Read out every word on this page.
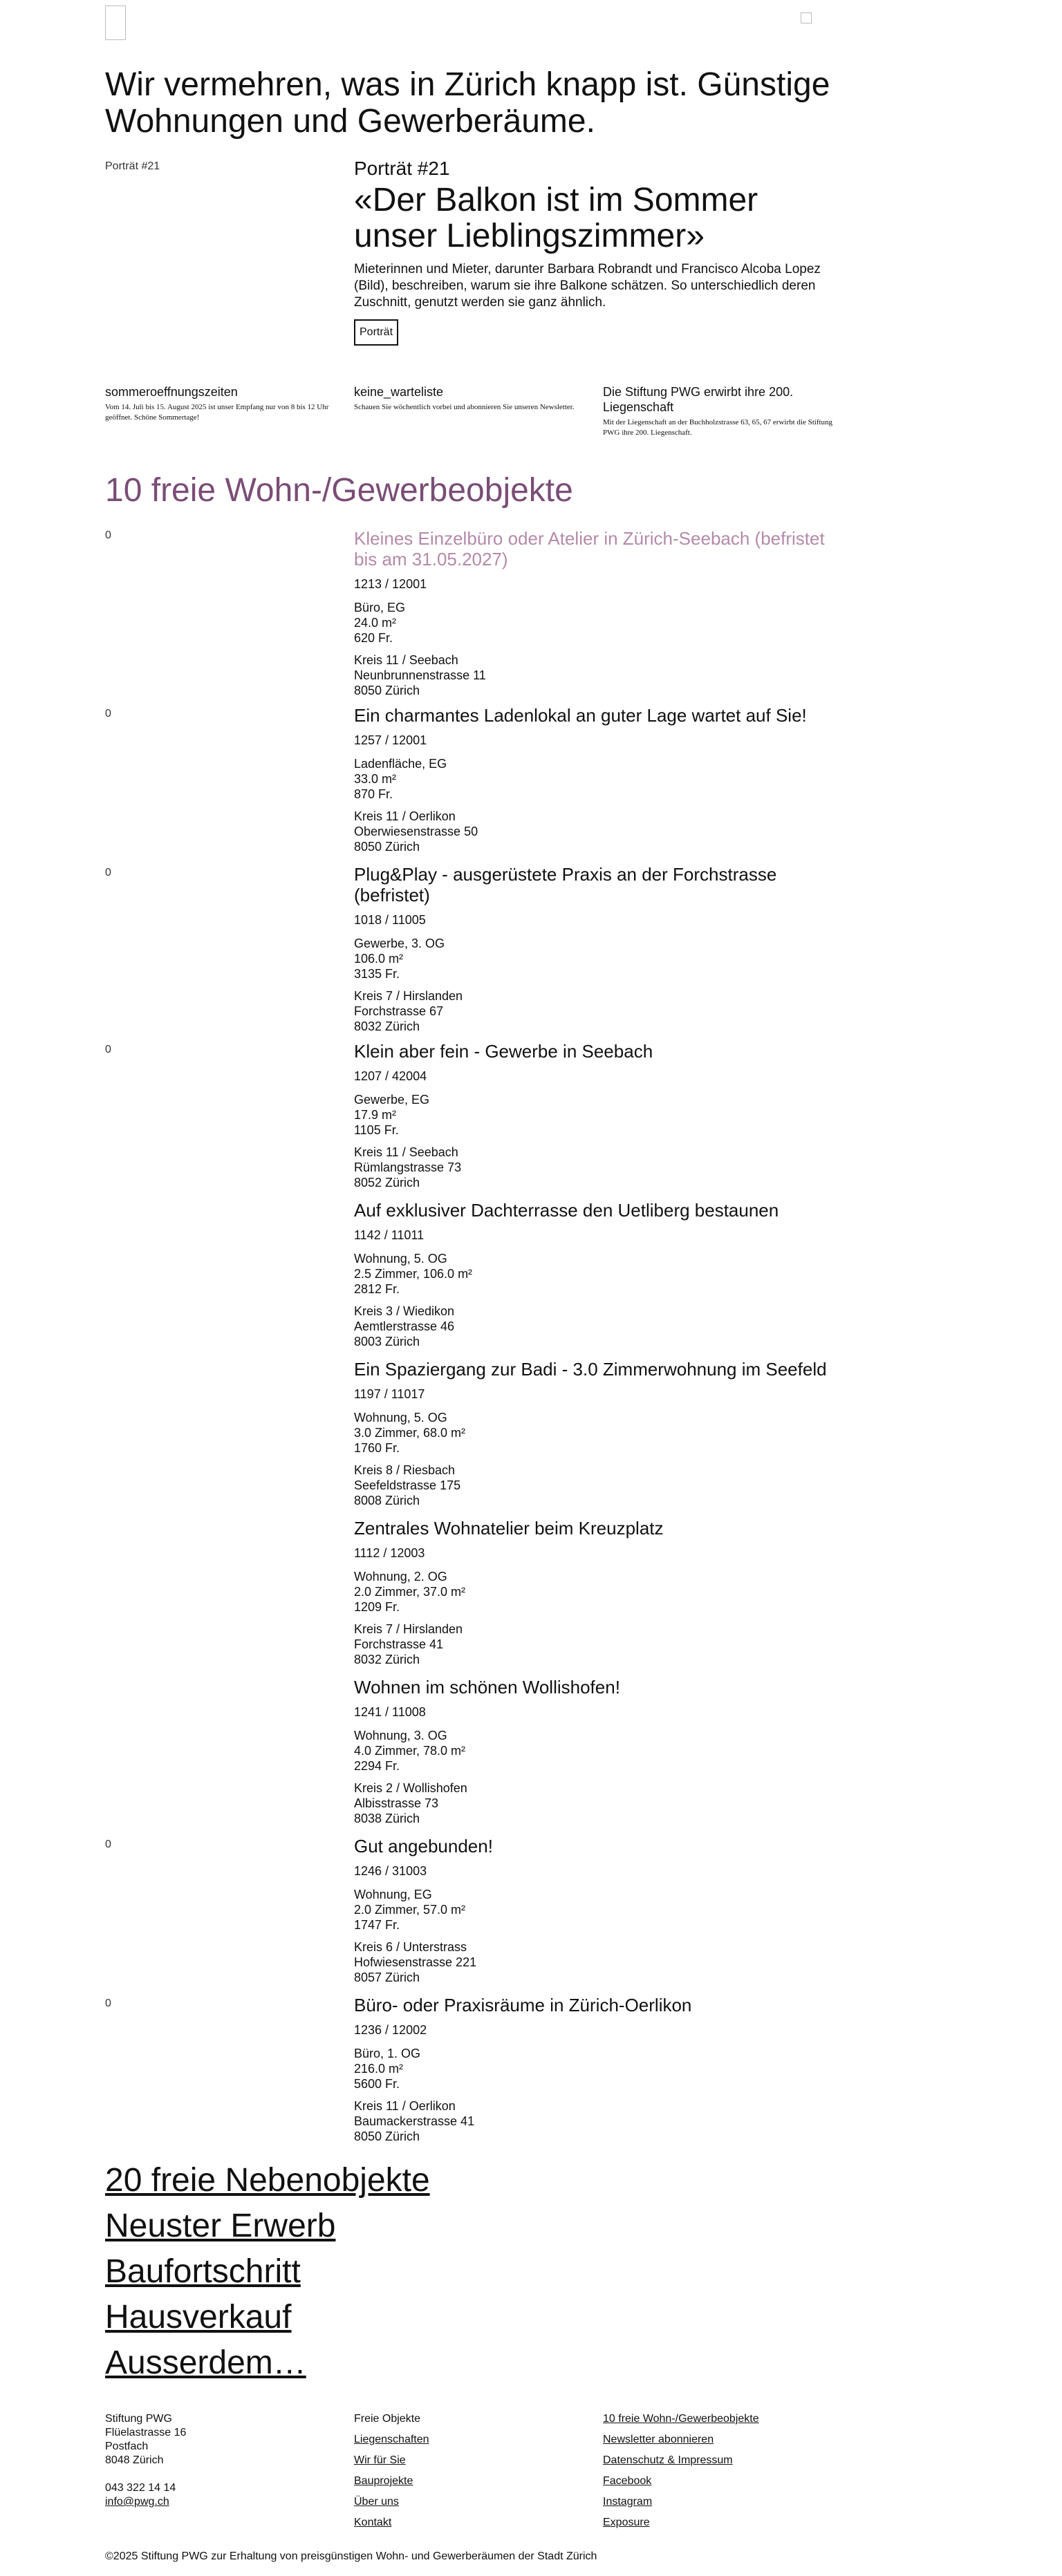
Wir vermehren, was in Zürich knapp ist. Günstige Wohnungen und Gewerberäume.
Porträt #21	Porträt #21

«Der Balkon ist im Sommer unser Lieblingszimmer»

Mieterinnen und Mieter, darunter Barbara Robrandt und Francisco Alcoba Lopez (Bild), beschreiben, warum sie ihre Balkone schätzen. So unterschiedlich deren Zuschnitt, genutzt werden sie ganz ähnlich.

Porträt
sommeroeffnungszeiten
Vom 14. Juli bis 15. August 2025 ist unser Empfang nur von 8 bis 12 Uhr geöffnet. Schöne Sommertage!
keine_warteliste
Schauen Sie wöchentlich vorbei und abonnieren Sie unseren Newsletter.
Die Stiftung PWG erwirbt ihre 200. Liegenschaft
Mit der Liegenschaft an der Buchholzstrasse 63, 65, 67 erwirbt die Stiftung PWG ihre 200. Liegenschaft.
10 freie Wohn-/Gewerbeobjekte
0	Kleines Einzelbüro oder Atelier in Zürich-Seebach (befristet bis am 31.05.2027)
1213 / 12001
Büro, EG
24.0 m²
620 Fr.
Kreis 11 / Seebach
Neunbrunnenstrasse 11
8050 Zürich
0	Ein charmantes Ladenlokal an guter Lage wartet auf Sie!
1257 / 12001
Ladenfläche, EG
33.0 m²
870 Fr.
Kreis 11 / Oerlikon
Oberwiesenstrasse 50
8050 Zürich
0	Plug&Play - ausgerüstete Praxis an der Forchstrasse (befristet)
1018 / 11005
Gewerbe, 3. OG
106.0 m²
3135 Fr.
Kreis 7 / Hirslanden
Forchstrasse 67
8032 Zürich
0	Klein aber fein - Gewerbe in Seebach
1207 / 42004
Gewerbe, EG
17.9 m²
1105 Fr.
Kreis 11 / Seebach
Rümlangstrasse 73
8052 Zürich
Auf exklusiver Dachterrasse den Uetliberg bestaunen
1142 / 11011
Wohnung, 5. OG
2.5 Zimmer, 106.0 m²
2812 Fr.
Kreis 3 / Wiedikon
Aemtlerstrasse 46
8003 Zürich
Ein Spaziergang zur Badi - 3.0 Zimmerwohnung im Seefeld
1197 / 11017
Wohnung, 5. OG
3.0 Zimmer, 68.0 m²
1760 Fr.
Kreis 8 / Riesbach
Seefeldstrasse 175
8008 Zürich
Zentrales Wohnatelier beim Kreuzplatz
1112 / 12003
Wohnung, 2. OG
2.0 Zimmer, 37.0 m²
1209 Fr.
Kreis 7 / Hirslanden
Forchstrasse 41
8032 Zürich
Wohnen im schönen Wollishofen!
1241 / 11008
Wohnung, 3. OG
4.0 Zimmer, 78.0 m²
2294 Fr.
Kreis 2 / Wollishofen
Albisstrasse 73
8038 Zürich
0	Gut angebunden!
1246 / 31003
Wohnung, EG
2.0 Zimmer, 57.0 m²
1747 Fr.
Kreis 6 / Unterstrass
Hofwiesenstrasse 221
8057 Zürich
0	Büro- oder Praxisräume in Zürich-Oerlikon
1236 / 12002
Büro, 1. OG
216.0 m²
5600 Fr.
Kreis 11 / Oerlikon
Baumackerstrasse 41
8050 Zürich
20 freie Nebenobjekte
Neuster Erwerb
Baufortschritt
Hausverkauf
Ausserdem…
Stiftung PWG
Flüelastrasse 16
Postfach
8048 Zürich
043 322 14 14
info@pwg.ch
Freie Objekte
Liegenschaften
Wir für Sie
Bauprojekte
Über uns
Kontakt
10 freie Wohn-/Gewerbeobjekte
Newsletter abonnieren
Datenschutz & Impressum
Facebook
Instagram
Exposure
©2025 Stiftung PWG zur Erhaltung von preisgünstigen Wohn- und Gewerberäumen der Stadt Zürich
